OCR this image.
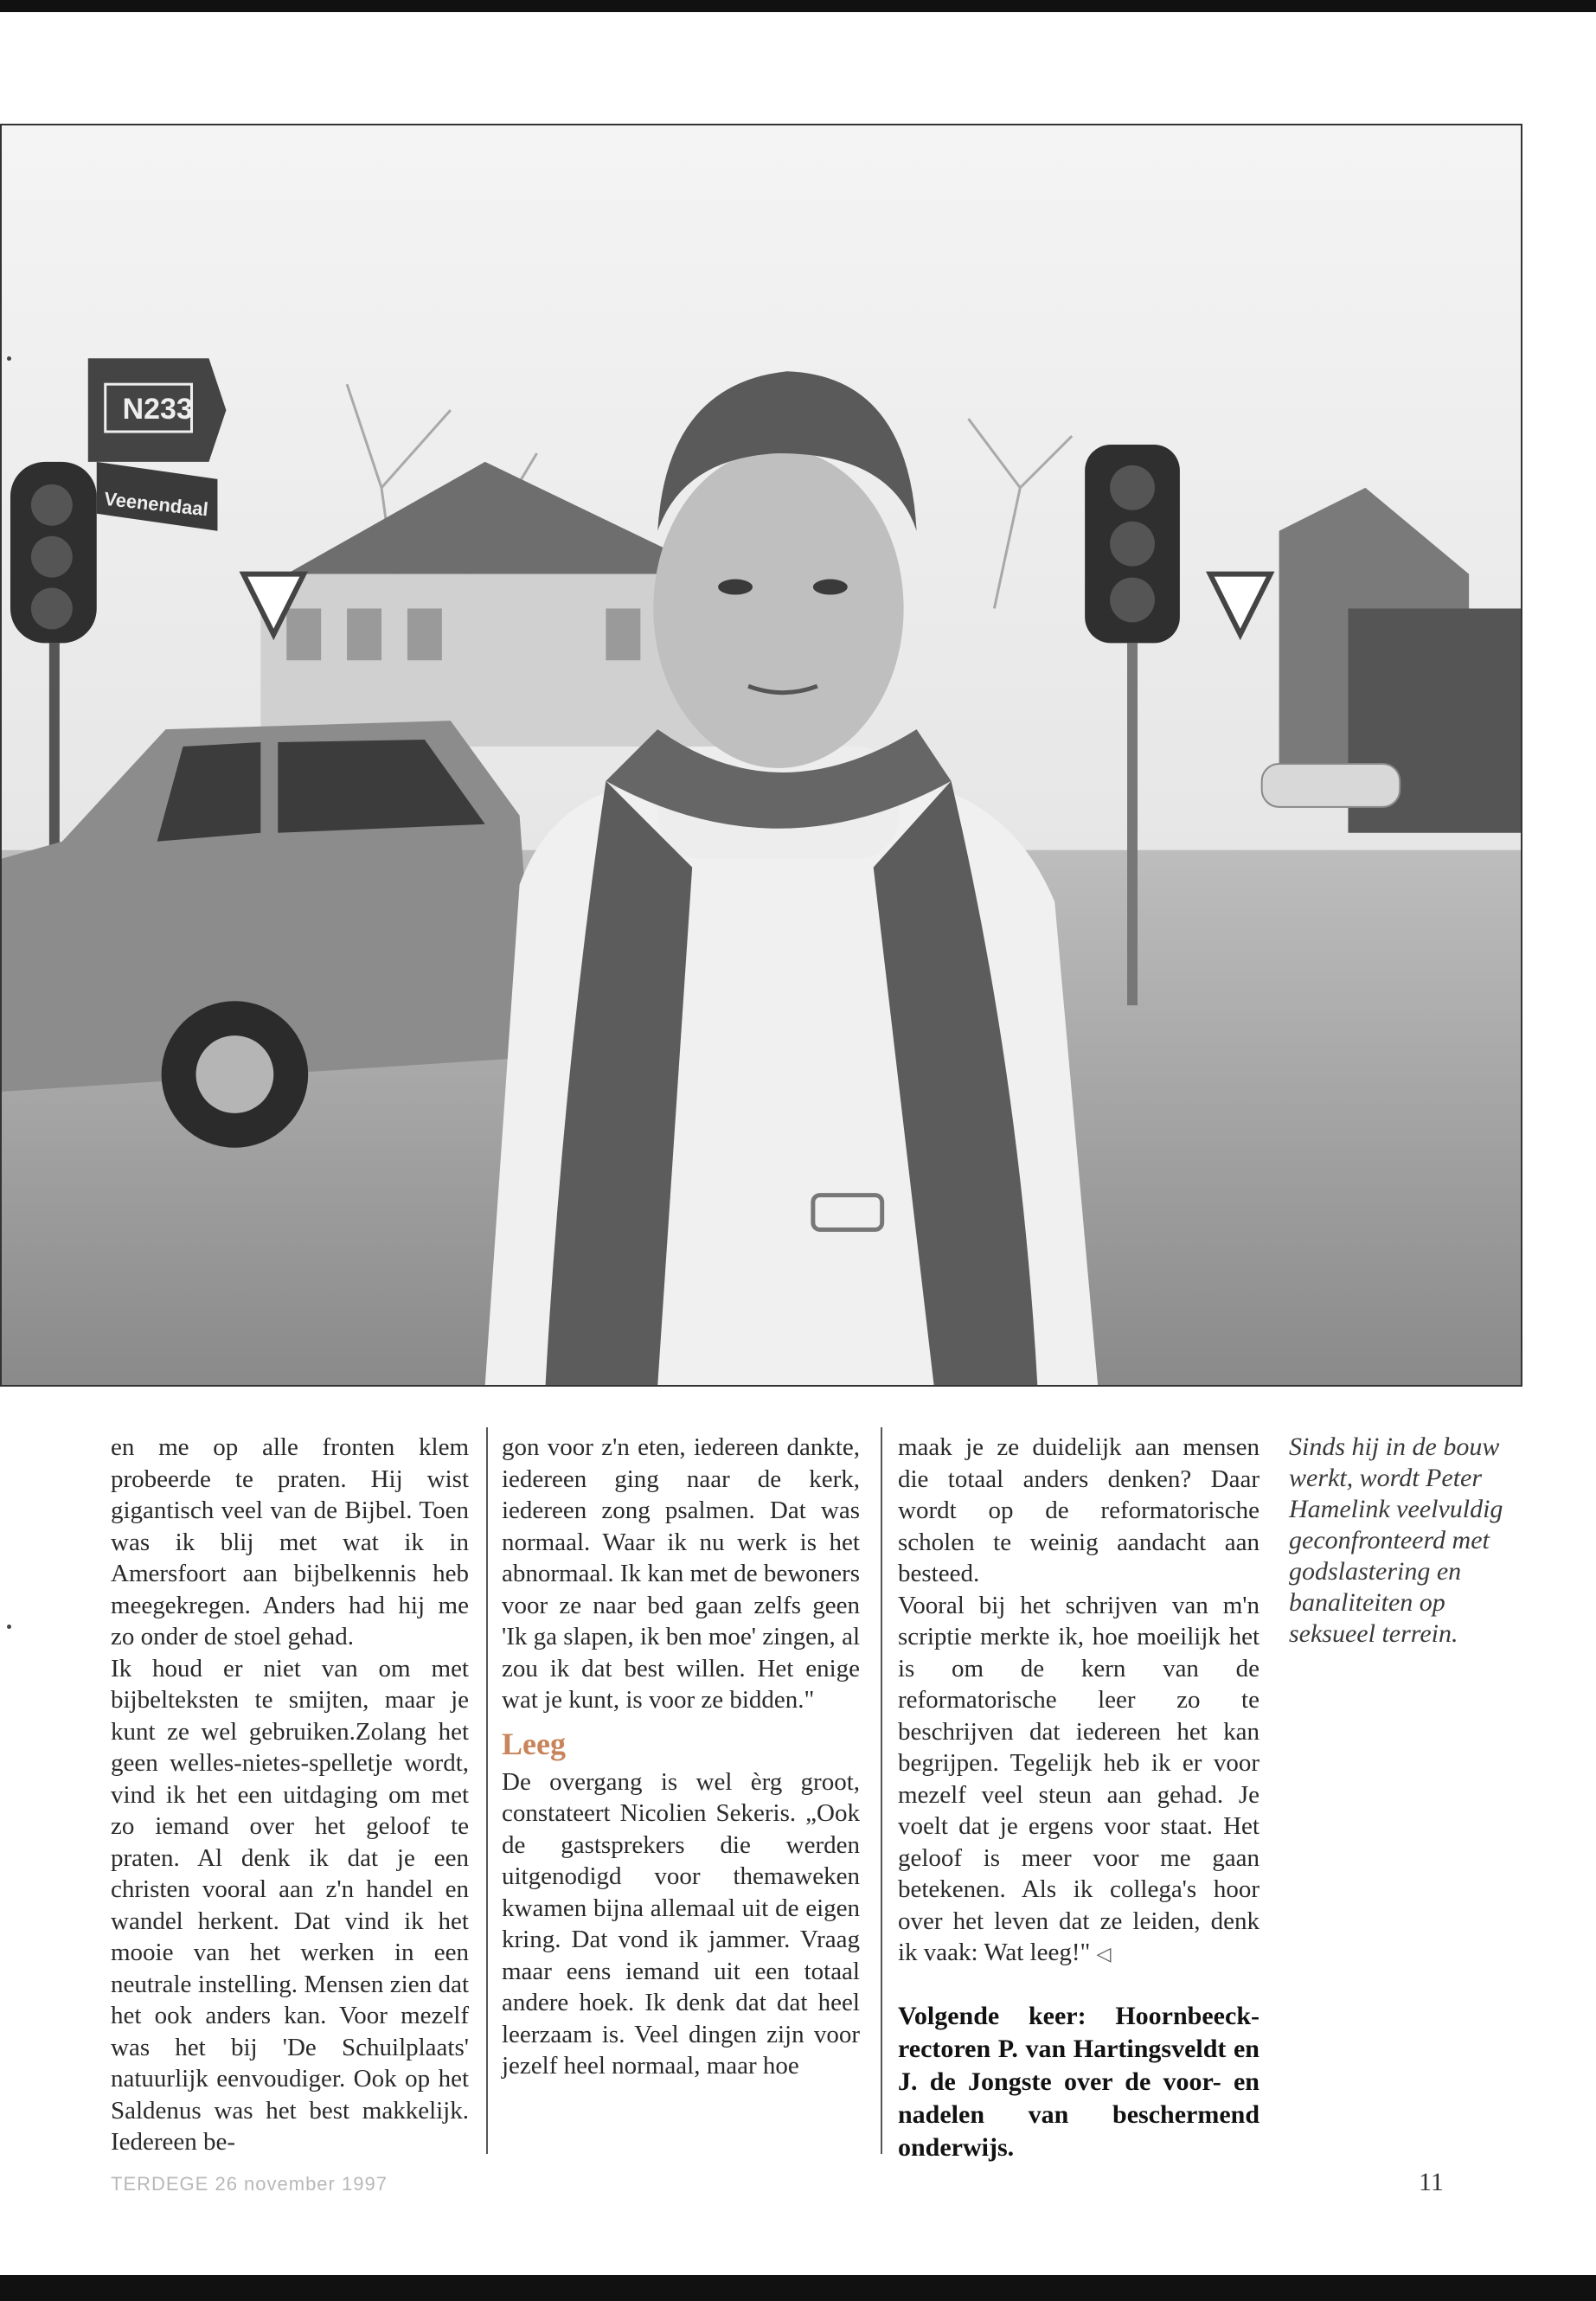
N233
Veenendaal

en me op alle fronten klem probeerde te praten. Hij wist gigantisch veel van de Bijbel. Toen was ik blij met wat ik in Amersfoort aan bijbelkennis heb meegekregen. Anders had hij me zo onder de stoel gehad.
Ik houd er niet van om met bijbelteksten te smijten, maar je kunt ze wel gebruiken.Zolang het geen welles-nietes-spelletje wordt, vind ik het een uitdaging om met zo iemand over het geloof te praten. Al denk ik dat je een christen vooral aan z'n handel en wandel herkent. Dat vind ik het mooie van het werken in een neutrale instelling. Mensen zien dat het ook anders kan. Voor mezelf was het bij 'De Schuilplaats' natuurlijk eenvoudiger. Ook op het Saldenus was het best makkelijk. Iedereen be-

gon voor z'n eten, iedereen dankte, iedereen ging naar de kerk, iedereen zong psalmen. Dat was normaal. Waar ik nu werk is het abnormaal. Ik kan met de bewoners voor ze naar bed gaan zelfs geen 'Ik ga slapen, ik ben moe' zingen, al zou ik dat best willen. Het enige wat je kunt, is voor ze bidden."

Leeg

De overgang is wel èrg groot, constateert Nicolien Sekeris. „Ook de gastsprekers die werden uitgenodigd voor themaweken kwamen bijna allemaal uit de eigen kring. Dat vond ik jammer. Vraag maar eens iemand uit een totaal andere hoek. Ik denk dat dat heel leerzaam is. Veel dingen zijn voor jezelf heel normaal, maar hoe

maak je ze duidelijk aan mensen die totaal anders denken? Daar wordt op de reformatorische scholen te weinig aandacht aan besteed.
Vooral bij het schrijven van m'n scriptie merkte ik, hoe moeilijk het is om de kern van de reformatorische leer zo te beschrijven dat iedereen het kan begrijpen. Tegelijk heb ik er voor mezelf veel steun aan gehad. Je voelt dat je ergens voor staat. Het geloof is meer voor me gaan betekenen. Als ik collega's hoor over het leven dat ze leiden, denk ik vaak: Wat leeg!" ◁

Volgende keer: Hoornbeeck-rectoren P. van Hartingsveldt en J. de Jongste over de voor- en nadelen van beschermend onderwijs.

Sinds hij in de bouw werkt, wordt Peter Hamelink veelvuldig geconfronteerd met godslastering en banaliteiten op seksueel terrein.
TERDEGE 26 november 1997	11
